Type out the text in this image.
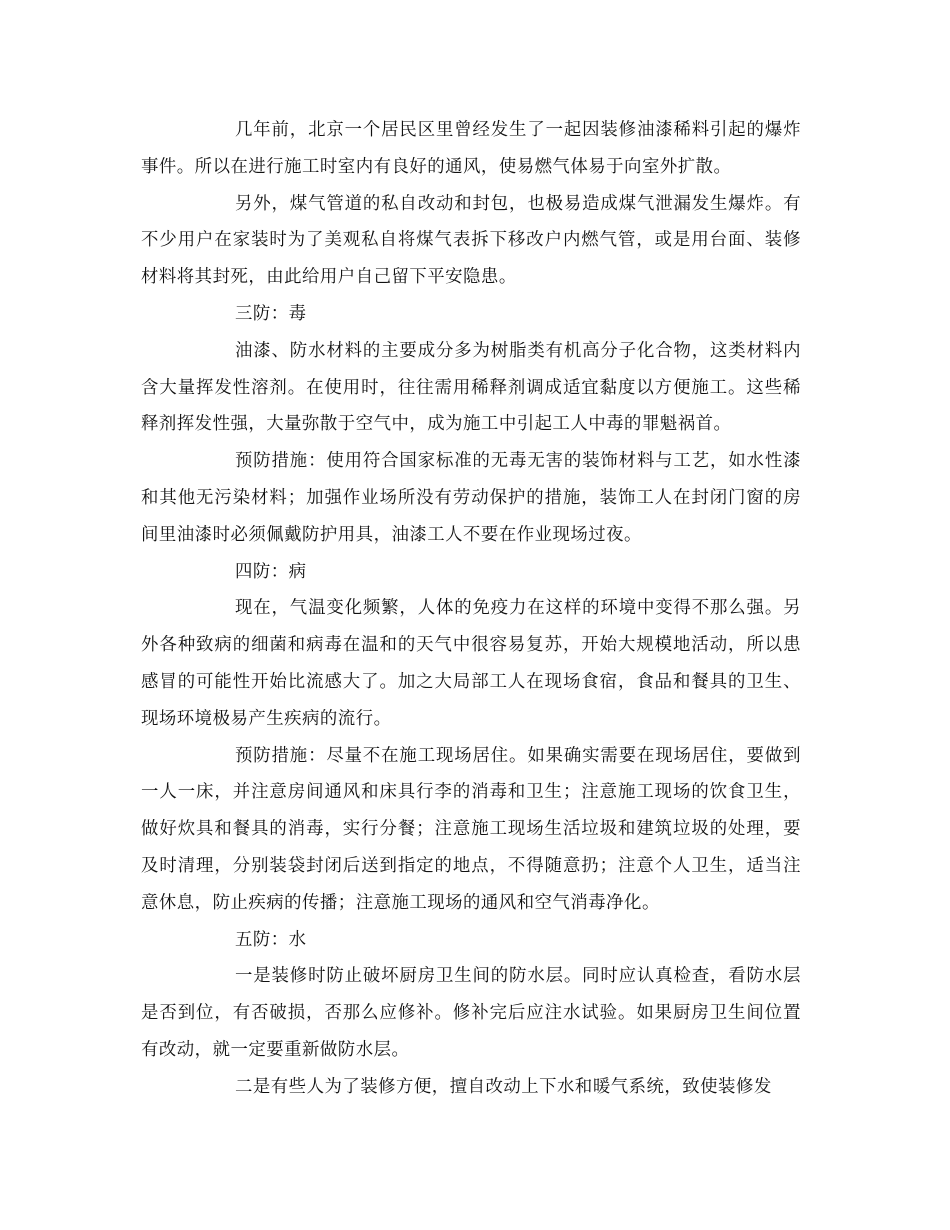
几年前，北京一个居民区里曾经发生了一起因装修油漆稀料引起的爆炸事件。所以在进行施工时室内有良好的通风，使易燃气体易于向室外扩散。

另外，煤气管道的私自改动和封包，也极易造成煤气泄漏发生爆炸。有不少用户在家装时为了美观私自将煤气表拆下移改户内燃气管，或是用台面、装修材料将其封死，由此给用户自己留下平安隐患。

三防：毒

油漆、防水材料的主要成分多为树脂类有机高分子化合物，这类材料内含大量挥发性溶剂。在使用时，往往需用稀释剂调成适宜黏度以方便施工。这些稀释剂挥发性强，大量弥散于空气中，成为施工中引起工人中毒的罪魁祸首。

预防措施：使用符合国家标准的无毒无害的装饰材料与工艺，如水性漆和其他无污染材料；加强作业场所没有劳动保护的措施，装饰工人在封闭门窗的房间里油漆时必须佩戴防护用具，油漆工人不要在作业现场过夜。

四防：病

现在，气温变化频繁，人体的免疫力在这样的环境中变得不那么强。另外各种致病的细菌和病毒在温和的天气中很容易复苏，开始大规模地活动，所以患感冒的可能性开始比流感大了。加之大局部工人在现场食宿，食品和餐具的卫生、现场环境极易产生疾病的流行。

预防措施：尽量不在施工现场居住。如果确实需要在现场居住，要做到一人一床，并注意房间通风和床具行李的消毒和卫生；注意施工现场的饮食卫生，做好炊具和餐具的消毒，实行分餐；注意施工现场生活垃圾和建筑垃圾的处理，要及时清理，分别装袋封闭后送到指定的地点，不得随意扔；注意个人卫生，适当注意休息，防止疾病的传播；注意施工现场的通风和空气消毒净化。

五防：水

一是装修时防止破坏厨房卫生间的防水层。同时应认真检查，看防水层是否到位，有否破损，否那么应修补。修补完后应注水试验。如果厨房卫生间位置有改动，就一定要重新做防水层。

二是有些人为了装修方便，擅自改动上下水和暖气系统，致使装修发
